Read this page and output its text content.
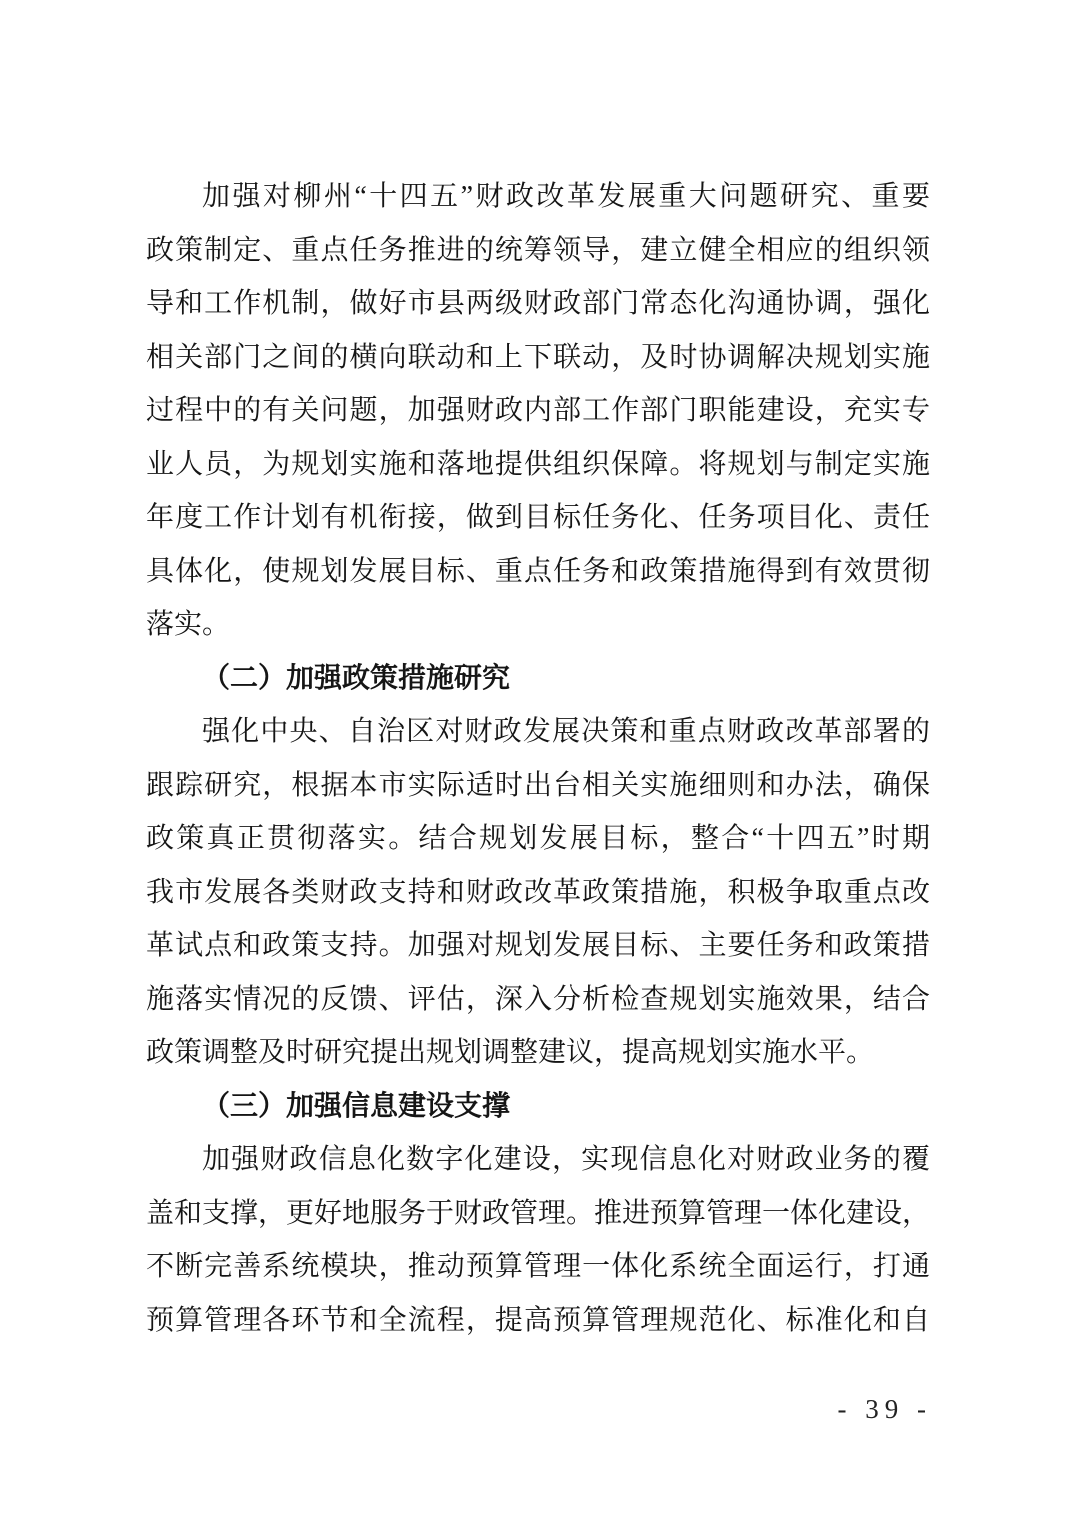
加强对柳州“十四五”财政改革发展重大问题研究、重要
政策制定、重点任务推进的统筹领导，建立健全相应的组织领
导和工作机制，做好市县两级财政部门常态化沟通协调，强化
相关部门之间的横向联动和上下联动，及时协调解决规划实施
过程中的有关问题，加强财政内部工作部门职能建设，充实专
业人员，为规划实施和落地提供组织保障。将规划与制定实施
年度工作计划有机衔接，做到目标任务化、任务项目化、责任
具体化，使规划发展目标、重点任务和政策措施得到有效贯彻
落实。
（二）加强政策措施研究
强化中央、自治区对财政发展决策和重点财政改革部署的
跟踪研究，根据本市实际适时出台相关实施细则和办法，确保
政策真正贯彻落实。结合规划发展目标，整合“十四五”时期
我市发展各类财政支持和财政改革政策措施，积极争取重点改
革试点和政策支持。加强对规划发展目标、主要任务和政策措
施落实情况的反馈、评估，深入分析检查规划实施效果，结合
政策调整及时研究提出规划调整建议，提高规划实施水平。
（三）加强信息建设支撑
加强财政信息化数字化建设，实现信息化对财政业务的覆
盖和支撑，更好地服务于财政管理。推进预算管理一体化建设，
不断完善系统模块，推动预算管理一体化系统全面运行，打通
预算管理各环节和全流程，提高预算管理规范化、标准化和自
- 39 -
